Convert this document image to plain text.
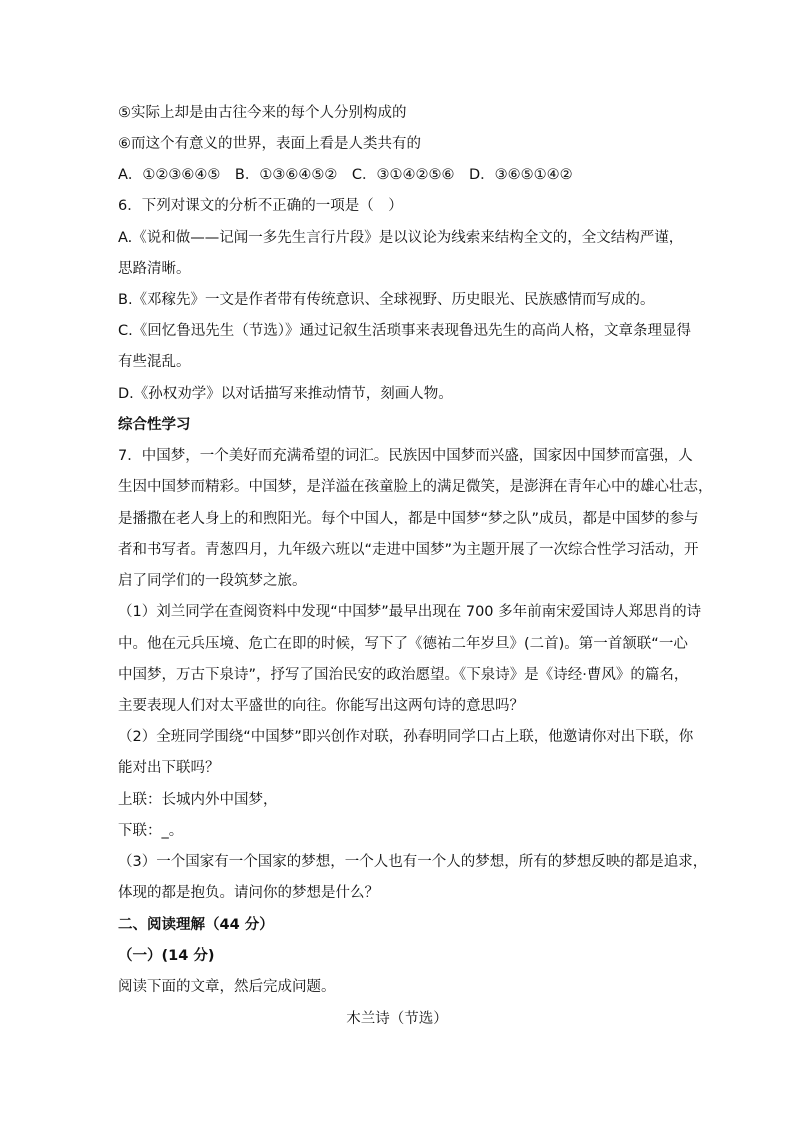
⑤实际上却是由古往今来的每个人分别构成的
⑥而这个有意义的世界，表面上看是人类共有的
A．①②③⑥④⑤　B．①③⑥④⑤②　C．③①④②⑤⑥　D．③⑥⑤①④②
6．下列对课文的分析不正确的一项是（　）
A.《说和做——记闻一多先生言行片段》是以议论为线索来结构全文的，全文结构严谨，
思路清晰。
B.《邓稼先》一文是作者带有传统意识、全球视野、历史眼光、民族感情而写成的。
C.《回忆鲁迅先生（节选）》通过记叙生活琐事来表现鲁迅先生的高尚人格，文章条理显得
有些混乱。
D.《孙权劝学》以对话描写来推动情节，刻画人物。
综合性学习
7．中国梦，一个美好而充满希望的词汇。民族因中国梦而兴盛，国家因中国梦而富强，人
生因中国梦而精彩。中国梦，是洋溢在孩童脸上的满足微笑，是澎湃在青年心中的雄心壮志，
是播撒在老人身上的和煦阳光。每个中国人，都是中国梦“梦之队”成员，都是中国梦的参与
者和书写者。青葱四月，九年级六班以“走进中国梦”为主题开展了一次综合性学习活动，开
启了同学们的一段筑梦之旅。
（1）刘兰同学在查阅资料中发现“中国梦”最早出现在 700 多年前南宋爱国诗人郑思肖的诗
中。他在元兵压境、危亡在即的时候，写下了《德祐二年岁旦》(二首)。第一首颔联“一心
中国梦，万古下泉诗”，抒写了国治民安的政治愿望。《下泉诗》是《诗经·曹风》的篇名，
主要表现人们对太平盛世的向往。你能写出这两句诗的意思吗？
（2）全班同学围绕“中国梦”即兴创作对联，孙春明同学口占上联，他邀请你对出下联，你
能对出下联吗？
上联：长城内外中国梦，
下联：_。
（3）一个国家有一个国家的梦想，一个人也有一个人的梦想，所有的梦想反映的都是追求，
体现的都是抱负。请问你的梦想是什么？
二、阅读理解（44 分）
（一）(14 分)
阅读下面的文章，然后完成问题。
木兰诗（节选）
